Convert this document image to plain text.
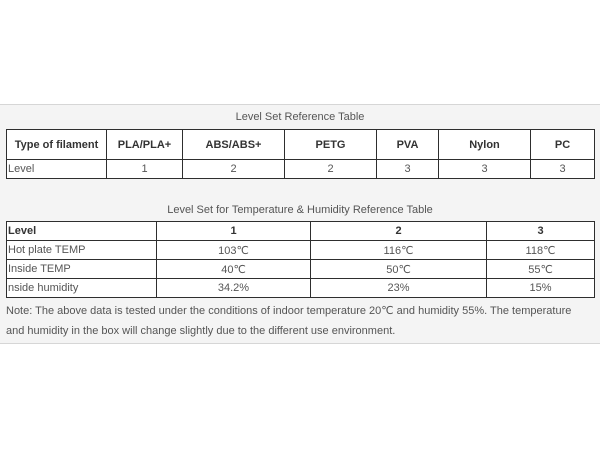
Level Set Reference Table
Type of filament	PLA/PLA+	ABS/ABS+	PETG	PVA	Nylon	PC
Level	1	2	2	3	3	3
Level Set for Temperature & Humidity Reference Table
Level	1	2	3
Hot plate TEMP	103℃	116℃	118℃
Inside TEMP	40℃	50℃	55℃
nside humidity	34.2%	23%	15%
Note: The above data is tested under the conditions of indoor temperature 20℃ and humidity 55%. The temperature and humidity in the box will change slightly due to the different use environment.
